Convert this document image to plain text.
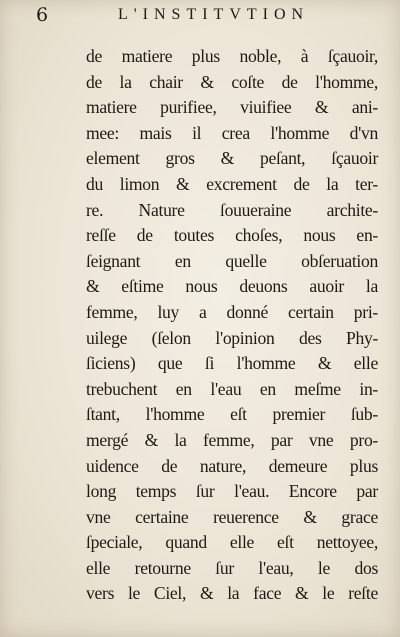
6	L'INSTITVTION
de matiere plus noble, à ſçauoir,
de la chair & coſte de l'homme,
matiere purifiee, viuifiee & ani-
mee: mais il crea l'homme d'vn
element gros & peſant, ſçauoir
du limon & excrement de la ter-
re. Nature ſouueraine archite-
reſſe de toutes choſes, nous en-
ſeignant en quelle obſeruation
& eſtime nous deuons auoir la
femme, luy a donné certain pri-
uilege (ſelon l'opinion des Phy-
ſiciens) que ſi l'homme & elle
trebuchent en l'eau en meſme in-
ſtant, l'homme eſt premier ſub-
mergé & la femme, par vne pro-
uidence de nature, demeure plus
long temps ſur l'eau. Encore par
vne certaine reuerence & grace
ſpeciale, quand elle eſt nettoyee,
elle retourne ſur l'eau, le dos
vers le Ciel, & la face & le reſte
